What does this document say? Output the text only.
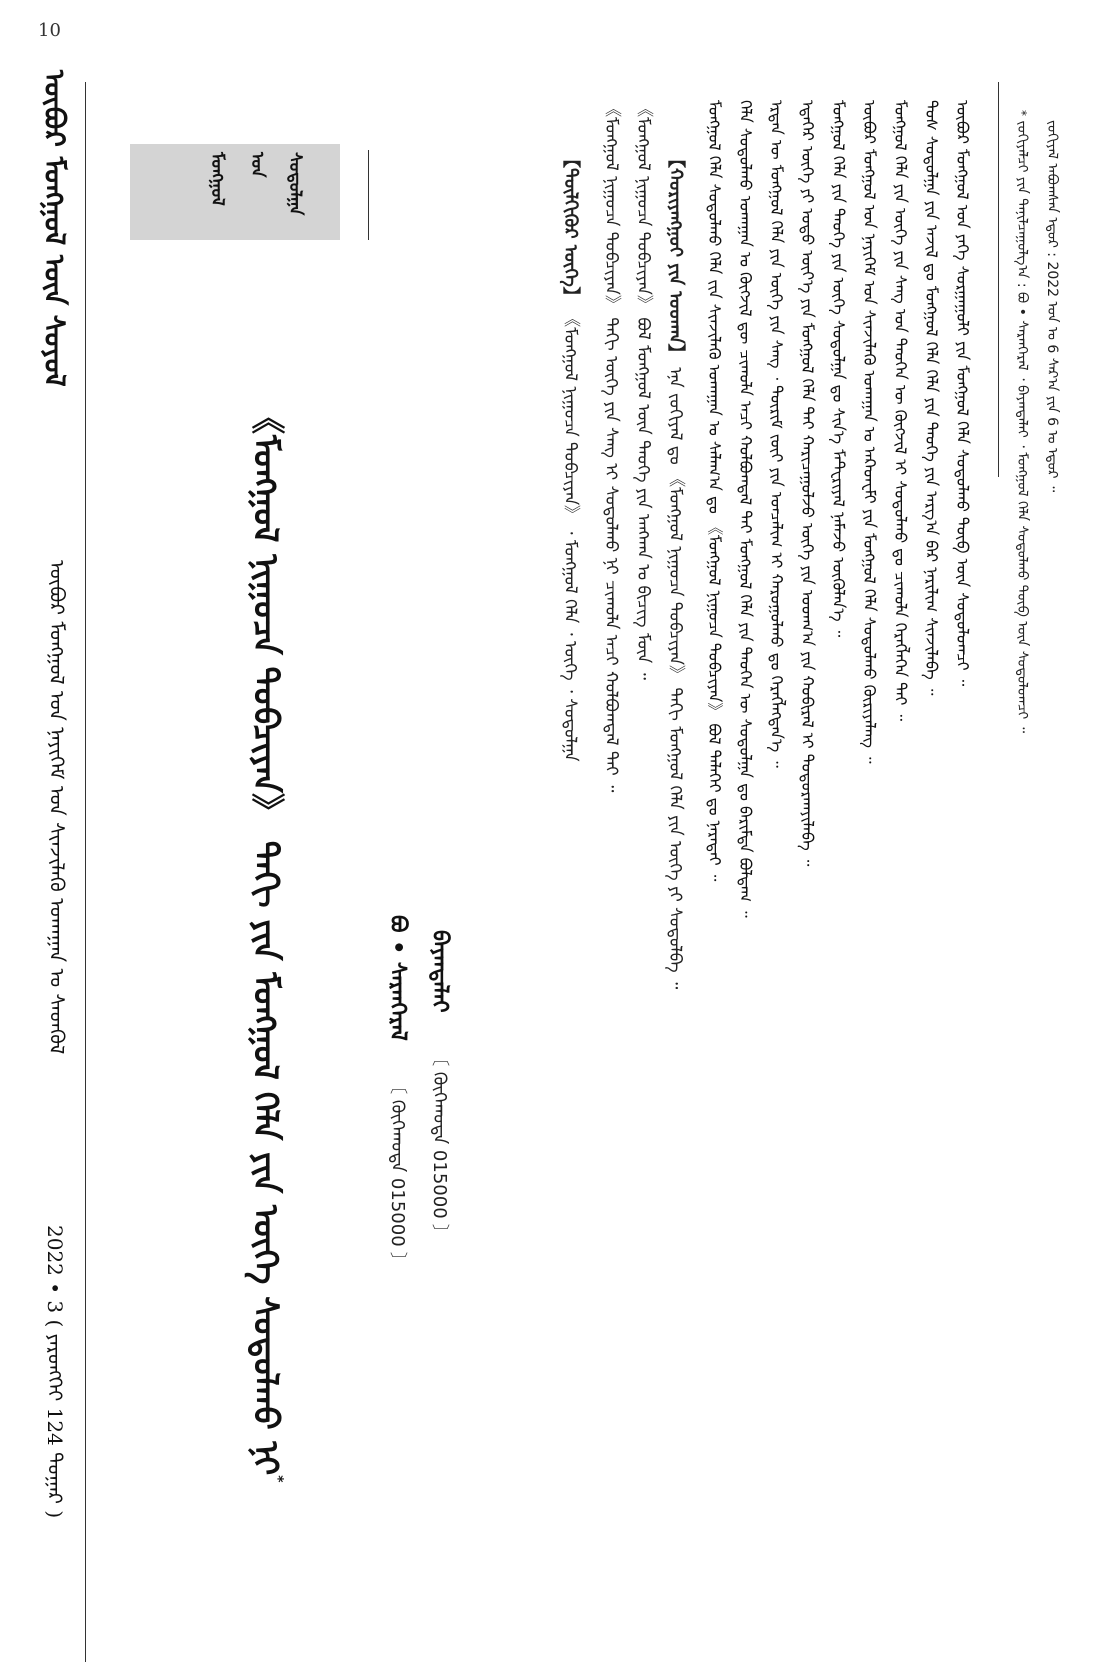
10
ᠥᠪᠥᠷ ᠮᠣᠩᠭᠣᠯ ᠦᠨ ᠰᠣᠶᠣᠯ
ᠥᠪᠥᠷ ᠮᠣᠩᠭᠣᠯ ᠤᠨ ᠨᠡᠶᠢᠭᠡᠮ ᠤᠨ ᠰᠢᠨᠵᠢᠯᠡᠬᠦ ᠤᠬᠠᠭᠠᠨ ᠤ ᠰᠡᠳᠬᠦᠯ
2022 • 3 ( ᠶᠡᠷᠦᠩᠬᠡᠢ 124 ᠳᠤᠭᠠᠷ )
ᠮᠣᠩᠭᠣᠯ ᠤᠨ ᠰᠤᠳᠤᠯᠭᠠ
《ᠮᠣᠩᠭᠣᠯ ᠨᠢᠭᠤᠴᠠ ᠲᠣᠪᠴᠢᠶᠠᠨ》 ᠳᠡᠬᠢ ᠶᠢᠨ ᠮᠣᠩᠭᠣᠯ ᠬᠡᠯᠡ ᠶᠢᠨ ᠦᠭᠡ ᠰᠤᠳᠤᠯᠬᠤ ᠨᠢ*
ᠪᠣ • ᠰᠠᠷᠠᠨᠭᠡᠷᠡᠯ 〔 ᠬᠥᠬᠡᠬᠣᠲᠠ 015000 〕
ᠪᠠᠶᠠᠨᠳᠠᠯᠠᠢ 〔 ᠬᠥᠬᠡᠬᠣᠲᠠ 015000 〕
【ᠲᠦᠯᠬᠢᠭᠦᠷ ᠦᠭᠡ】 《ᠮᠣᠩᠭᠣᠯ ᠨᠢᠭᠤᠴᠠ ᠲᠣᠪᠴᠢᠶᠠᠨ》 ᠂ ᠮᠣᠩᠭᠣᠯ ᠬᠡᠯᠡ ᠂ ᠦᠭᠡ ᠂ ᠰᠤᠳᠤᠯᠭᠠ
【ᠬᠤᠷᠢᠶᠠᠩᠭᠤᠢ ᠶᠢᠨ ᠤᠳᠬᠠ】 ᠡᠨᠡ ᠵᠣᠬᠢᠶᠠᠯ ᠳᠤ 《ᠮᠣᠩᠭᠣᠯ ᠨᠢᠭᠤᠴᠠ ᠲᠣᠪᠴᠢᠶᠠᠨ》 ᠳᠡᠬᠢ ᠮᠣᠩᠭᠣᠯ ᠬᠡᠯᠡ ᠶᠢᠨ ᠦᠭᠡ ᠶᠢ ᠰᠤᠳᠤᠯᠪᠠ ᠃
《ᠮᠣᠩᠭᠣᠯ ᠨᠢᠭᠤᠴᠠ ᠲᠣᠪᠴᠢᠶᠠᠨ》 ᠪᠣᠯ ᠮᠣᠩᠭᠣᠯ ᠦᠨ ᠲᠡᠦᠬᠡ ᠶᠢᠨ ᠠᠩᠬᠠᠨ ᠤ ᠪᠢᠴᠢᠭ ᠮᠥᠨ ᠃
《ᠮᠣᠩᠭᠣᠯ ᠨᠢᠭᠤᠴᠠ ᠲᠣᠪᠴᠢᠶᠠᠨ》 ᠳᠡᠬᠢ ᠦᠭᠡ ᠶᠢᠨ ᠰᠠᠩ ᠢ ᠰᠤᠳᠤᠯᠬᠤ ᠨᠢ ᠴᠢᠬᠤᠯᠠ ᠠᠴᠢ ᠬᠣᠯᠪᠣᠭᠳᠠᠯ ᠲᠠᠢ ᠃	ᠮᠣᠩᠭᠣᠯ ᠬᠡᠯᠡ ᠰᠤᠳᠤᠯᠬᠤ ᠬᠡᠯᠡ ᠵᠢᠨ ᠰᠢᠨᠵᠢᠯᠡᠬᠦ ᠤᠬᠠᠭᠠᠨ ᠤ ᠰᠠᠯᠠᠭ᠎ᠠ ᠳᠤ 《ᠮᠣᠩᠭᠣᠯ ᠨᠢᠭᠤᠴᠠ ᠲᠣᠪᠴᠢᠶᠠᠨ》 ᠪᠣᠯ ᠳᠡᠯᠡᠬᠡᠢ ᠳᠤ ᠨᠡᠷᠡᠲᠡᠢ ᠃ ᠬᠡᠯᠡ ᠰᠤᠳᠤᠯᠬᠤ ᠤᠬᠠᠭᠠᠨ ᠤ ᠬᠥᠭᠵᠢᠯ ᠳᠦ ᠴᠢᠬᠤᠯᠠ ᠠᠴᠢ ᠬᠣᠯᠪᠣᠭᠳᠠᠯ ᠲᠠᠢ ᠮᠣᠩᠭᠣᠯ ᠬᠡᠯᠡ ᠶᠢᠨ ᠲᠡᠦᠬᠡᠨ ᠦ ᠰᠤᠳᠤᠯᠭᠠ ᠳᠤ ᠪᠠᠷᠢᠮᠲᠠ ᠪᠣᠯᠳᠠᠭ ᠃ ᠡᠷᠲᠡᠨ ᠦ ᠮᠣᠩᠭᠣᠯ ᠬᠡᠯᠡ ᠶᠢᠨ ᠦᠭᠡ ᠶᠢᠨ ᠰᠠᠩ ᠂ ᠳᠦᠷᠢᠮ ᠵᠦᠢ ᠶᠢᠨ ᠣᠨᠴᠠᠯᠢᠭ ᠢ ᠬᠠᠷᠤᠭᠤᠯᠬᠤ ᠳᠤ ᠬᠡᠷᠡᠭᠯᠡᠭᠳᠡᠨ᠎ᠡ ᠃ ᠡᠳᠡᠭᠡᠷ ᠦᠭᠡ ᠶᠢ ᠣᠳᠣ ᠦᠶ᠎ᠡ ᠶᠢᠨ ᠮᠣᠩᠭᠣᠯ ᠬᠡᠯᠡ ᠲᠡᠢ ᠬᠠᠷᠢᠴᠠᠭᠤᠯᠵᠤ ᠦᠭᠡ ᠶᠢᠨ ᠤᠳᠬ᠎ᠠ ᠶᠢᠨ ᠬᠤᠪᠢᠷᠠᠯ ᠢ ᠲᠣᠳᠣᠷᠬᠠᠶᠢᠯᠠᠪᠠ ᠃ ᠮᠣᠩᠭᠣᠯ ᠬᠡᠯᠡ ᠶᠢᠨ ᠲᠡᠦᠬᠡ ᠶᠢᠨ ᠦᠭᠡ ᠰᠤᠳᠤᠯᠭᠠ ᠳᠤ ᠰᠢᠨ᠎ᠡ ᠮᠠᠲᠸᠷᠢᠶᠠᠯ ᠨᠡᠮᠡᠵᠦ ᠥᠭᠦᠯᠡᠨ᠎ᠡ ᠃ ᠥᠪᠥᠷ ᠮᠣᠩᠭᠣᠯ ᠤᠨ ᠨᠡᠶᠢᠭᠡᠮ ᠤᠨ ᠰᠢᠨᠵᠢᠯᠡᠬᠦ ᠤᠬᠠᠭᠠᠨ ᠤ ᠠᠺᠠᠳᠸᠮᠢ ᠶᠢᠨ ᠮᠣᠩᠭᠣᠯ ᠬᠡᠯᠡ ᠰᠤᠳᠤᠯᠬᠤ ᠬᠦᠷᠢᠶᠡᠯᠡᠩ ᠃ ᠮᠣᠩᠭᠣᠯ ᠬᠡᠯᠡ ᠶᠢᠨ ᠦᠭᠡ ᠶᠢᠨ ᠰᠠᠩ ᠤᠨ ᠲᠡᠦᠬᠡᠨ ᠦ ᠬᠥᠭᠵᠢᠯ ᠢ ᠰᠤᠳᠤᠯᠬᠤ ᠳᠤ ᠴᠢᠬᠤᠯᠠ ᠬᠡᠷᠡᠭᠯᠡᠭᠡᠨ ᠲᠠᠢ ᠃ ᠲᠤᠰ ᠰᠤᠳᠤᠯᠭᠠ ᠶᠢᠨ ᠠᠵᠢᠯ ᠳᠤ ᠮᠣᠩᠭᠣᠯ ᠬᠡᠯᠡ ᠬᠡᠯᠡ ᠶᠢᠨ ᠲᠡᠦᠬᠡ ᠶᠢᠨ ᠠᠷᠭ᠎ᠠ ᠪᠠᠷ ᠨᠠᠷᠢᠯᠢᠭ ᠰᠢᠨᠵᠢᠯᠡᠪᠡ ᠃ ᠥᠪᠥᠷ ᠮᠣᠩᠭᠣᠯ ᠤᠨ ᠶᠡᠬᠡ ᠰᠤᠷᠭᠠᠭᠤᠯᠢ ᠶᠢᠨ ᠮᠣᠩᠭᠣᠯ ᠬᠡᠯᠡ ᠰᠤᠳᠤᠯᠬᠤ ᠲᠥᠪ ᠦᠨ ᠰᠤᠳᠤᠯᠤᠭᠴᠢ ᠃	* ᠵᠣᠬᠢᠶᠠᠯᠴᠢ ᠶᠢᠨ ᠲᠠᠨᠢᠯᠴᠠᠭᠤᠯᠭ᠎ᠠ : ᠪᠣ • ᠰᠠᠷᠠᠨᠭᠡᠷᠡᠯ ᠂ ᠪᠠᠶᠠᠨᠳᠠᠯᠠᠢ ᠂ ᠮᠣᠩᠭᠣᠯ ᠬᠡᠯᠡ ᠰᠤᠳᠤᠯᠬᠤ ᠲᠥᠪ ᠦᠨ ᠰᠤᠳᠤᠯᠤᠭᠴᠢ ᠃ ᠵᠣᠬᠢᠶᠠᠯ ᠠᠪᠤᠭᠰᠠᠨ ᠡᠳᠦᠷ : 2022 ᠣᠨ ᠤ 6 ᠰᠠᠷ᠎ᠠ ᠶᠢᠨ 6 ᠤ ᠡᠳᠦᠷ ᠃
